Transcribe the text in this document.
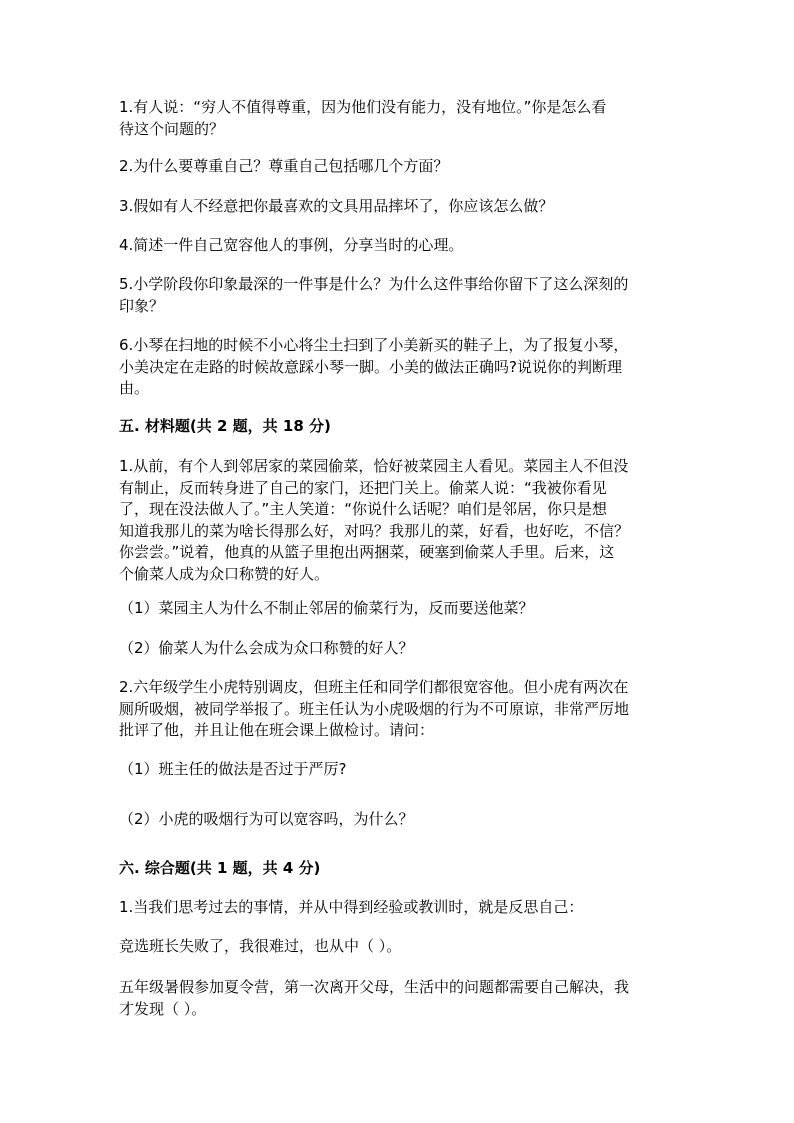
1.有人说：“穷人不值得尊重，因为他们没有能力，没有地位。”你是怎么看
待这个问题的？

2.为什么要尊重自己？尊重自己包括哪几个方面？

3.假如有人不经意把你最喜欢的文具用品摔坏了，你应该怎么做？

4.简述一件自己宽容他人的事例，分享当时的心理。

5.小学阶段你印象最深的一件事是什么？为什么这件事给你留下了这么深刻的
印象？

6.小琴在扫地的时候不小心将尘土扫到了小美新买的鞋子上，为了报复小琴，
小美决定在走路的时候故意踩小琴一脚。小美的做法正确吗?说说你的判断理
由。

五. 材料题(共 2 题，共 18 分)

1.从前，有个人到邻居家的菜园偷菜，恰好被菜园主人看见。菜园主人不但没
有制止，反而转身进了自己的家门，还把门关上。偷菜人说：“我被你看见
了，现在没法做人了。”主人笑道：“你说什么话呢？咱们是邻居，你只是想
知道我那儿的菜为啥长得那么好，对吗？我那儿的菜，好看，也好吃，不信？
你尝尝。”说着，他真的从篮子里抱出两捆菜，硬塞到偷菜人手里。后来，这
个偷菜人成为众口称赞的好人。

（1）菜园主人为什么不制止邻居的偷菜行为，反而要送他菜？

（2）偷菜人为什么会成为众口称赞的好人？

2.六年级学生小虎特别调皮，但班主任和同学们都很宽容他。但小虎有两次在
厕所吸烟，被同学举报了。班主任认为小虎吸烟的行为不可原谅，非常严厉地
批评了他，并且让他在班会课上做检讨。请问：

（1）班主任的做法是否过于严厉?

（2）小虎的吸烟行为可以宽容吗，为什么？

六. 综合题(共 1 题，共 4 分)

1.当我们思考过去的事情，并从中得到经验或教训时，就是反思自己：

竞选班长失败了，我很难过，也从中（ ）。

五年级暑假参加夏令营，第一次离开父母，生活中的问题都需要自己解决，我
才发现（ ）。
